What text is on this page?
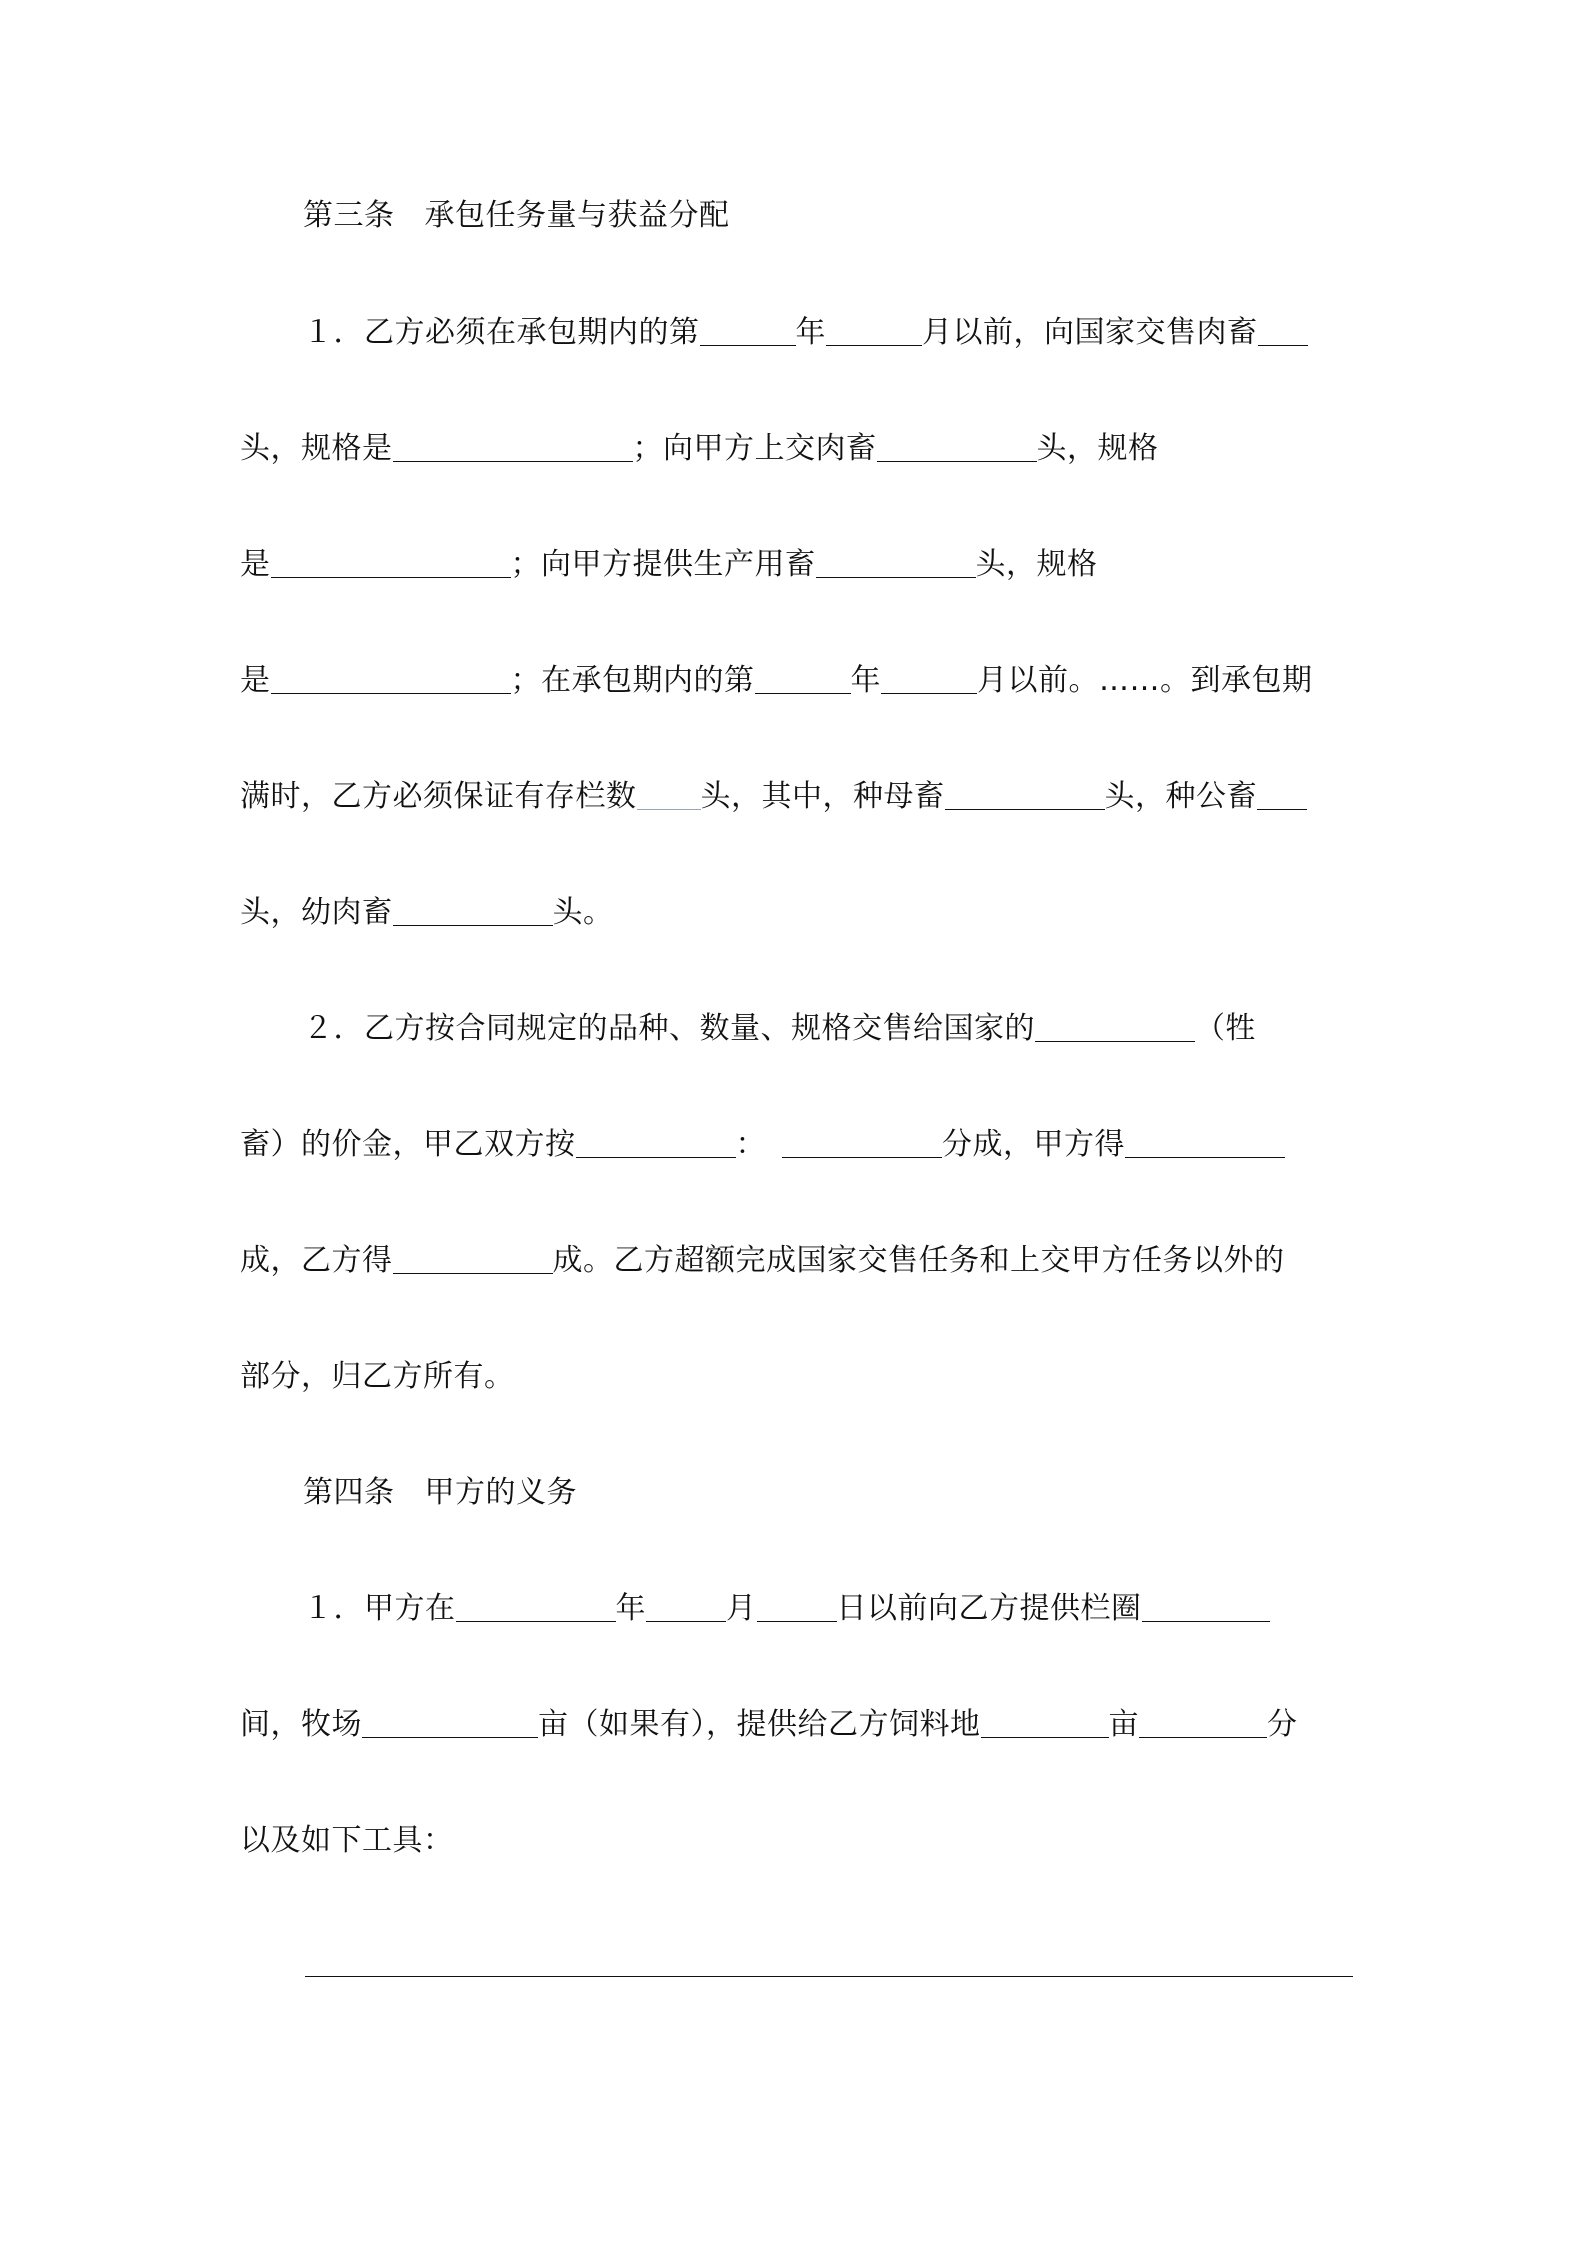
第三条 承包任务量与获益分配
１．乙方必须在承包期内的第	年	月以前，向国家交售肉畜
头，规格是	；向甲方上交肉畜	头，规格
是	；向甲方提供生产用畜	头，规格
是	；在承包期内的第	年	月以前。……。到承包期
满时，乙方必须保证有存栏数 头，其中，种母畜	头，种公畜
头，幼肉畜	头。
２．乙方按合同规定的品种、数量、规格交售给国家的	（牲
畜）的价金，甲乙双方按	：	分成，甲方得
成，乙方得	成。乙方超额完成国家交售任务和上交甲方任务以外的
部分，归乙方所有。
第四条 甲方的义务
１．甲方在	年	月	日以前向乙方提供栏圈
间，牧场	亩（如果有），提供给乙方饲料地	亩	分
以及如下工具：
